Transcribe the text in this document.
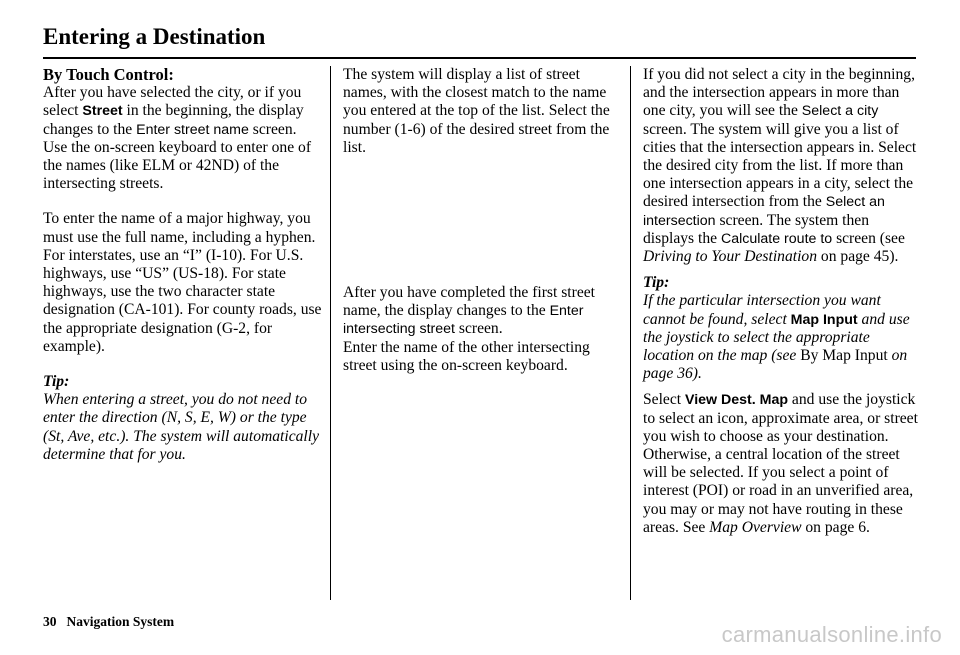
Entering a Destination

By Touch Control:

After you have selected the city, or if you select Street in the beginning, the display changes to the Enter street name screen. Use the on-screen keyboard to enter one of the names (like ELM or 42ND) of the intersecting streets.

To enter the name of a major highway, you must use the full name, including a hyphen. For interstates, use an “I” (I-10). For U.S. highways, use “US” (US-18). For state highways, use the two character state designation (CA-101). For county roads, use the appropriate designation (G-2, for example).

Tip:

When entering a street, you do not need to enter the direction (N, S, E, W) or the type (St, Ave, etc.). The system will automatically determine that for you.

The system will display a list of street names, with the closest match to the name you entered at the top of the list. Select the number (1-6) of the desired street from the list.

After you have completed the first street name, the display changes to the Enter intersecting street screen.
Enter the name of the other intersecting street using the on-screen keyboard.

If you did not select a city in the beginning, and the intersection appears in more than one city, you will see the Select a city screen. The system will give you a list of cities that the intersection appears in. Select the desired city from the list. If more than one intersection appears in a city, select the desired intersection from the Select an intersection screen. The system then displays the Calculate route to screen (see Driving to Your Destination on page 45).

Tip:

If the particular intersection you want cannot be found, select Map Input and use the joystick to select the appropriate location on the map (see By Map Input on page 36).

Select View Dest. Map and use the joystick to select an icon, approximate area, or street you wish to choose as your destination. Otherwise, a central location of the street will be selected. If you select a point of interest (POI) or road in an unverified area, you may or may not have routing in these areas. See Map Overview on page 6.

30 Navigation System
carmanualsonline.info
